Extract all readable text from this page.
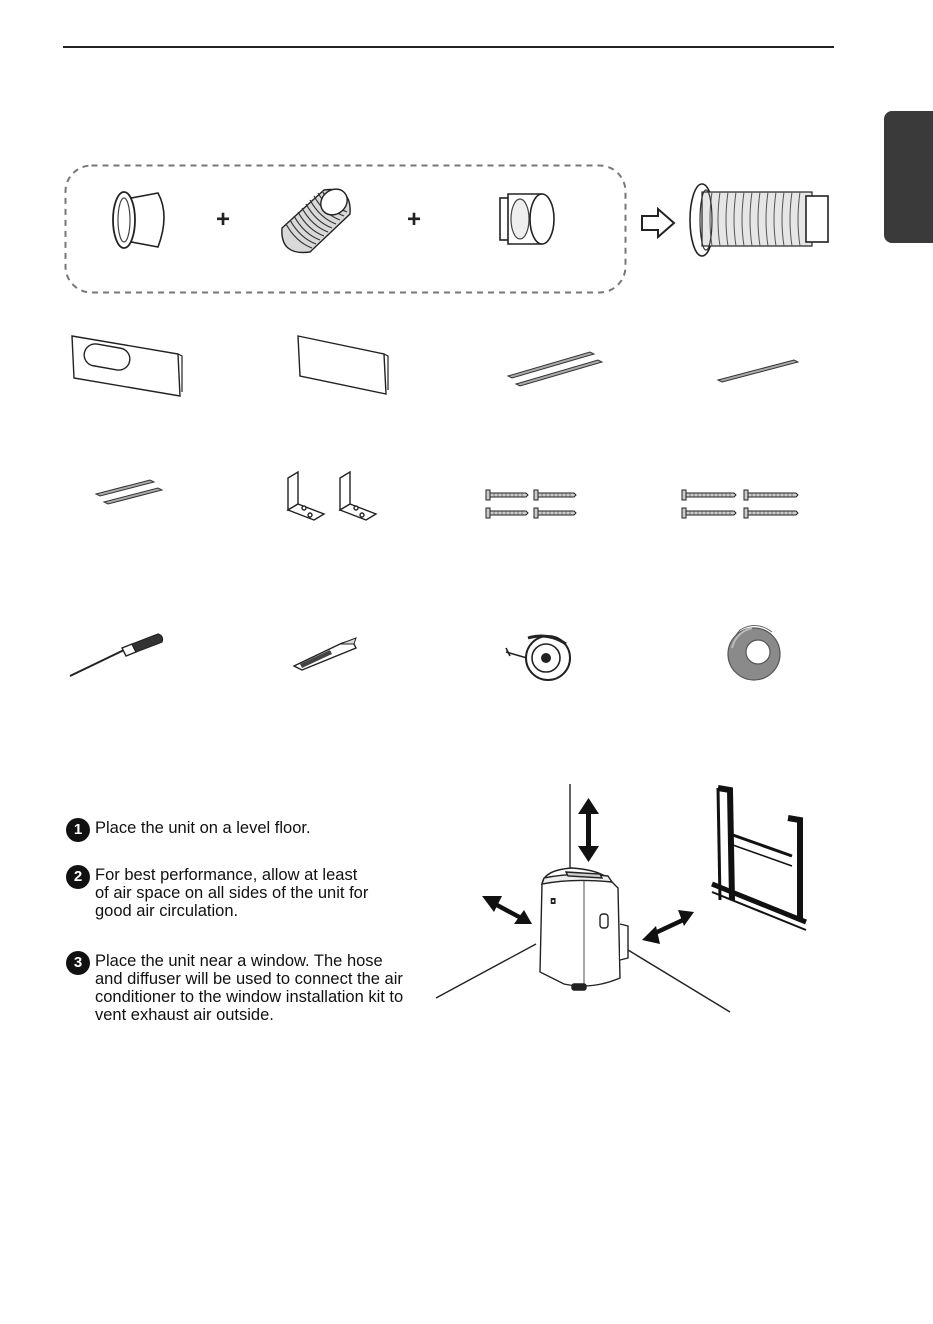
+	+
1 Place the unit on a level floor.
2 For best performance, allow at least
of air space on all sides of the unit for
good air circulation.
3 Place the unit near a window. The hose
and diffuser will be used to connect the air
conditioner to the window installation kit to
vent exhaust air outside.
◘
